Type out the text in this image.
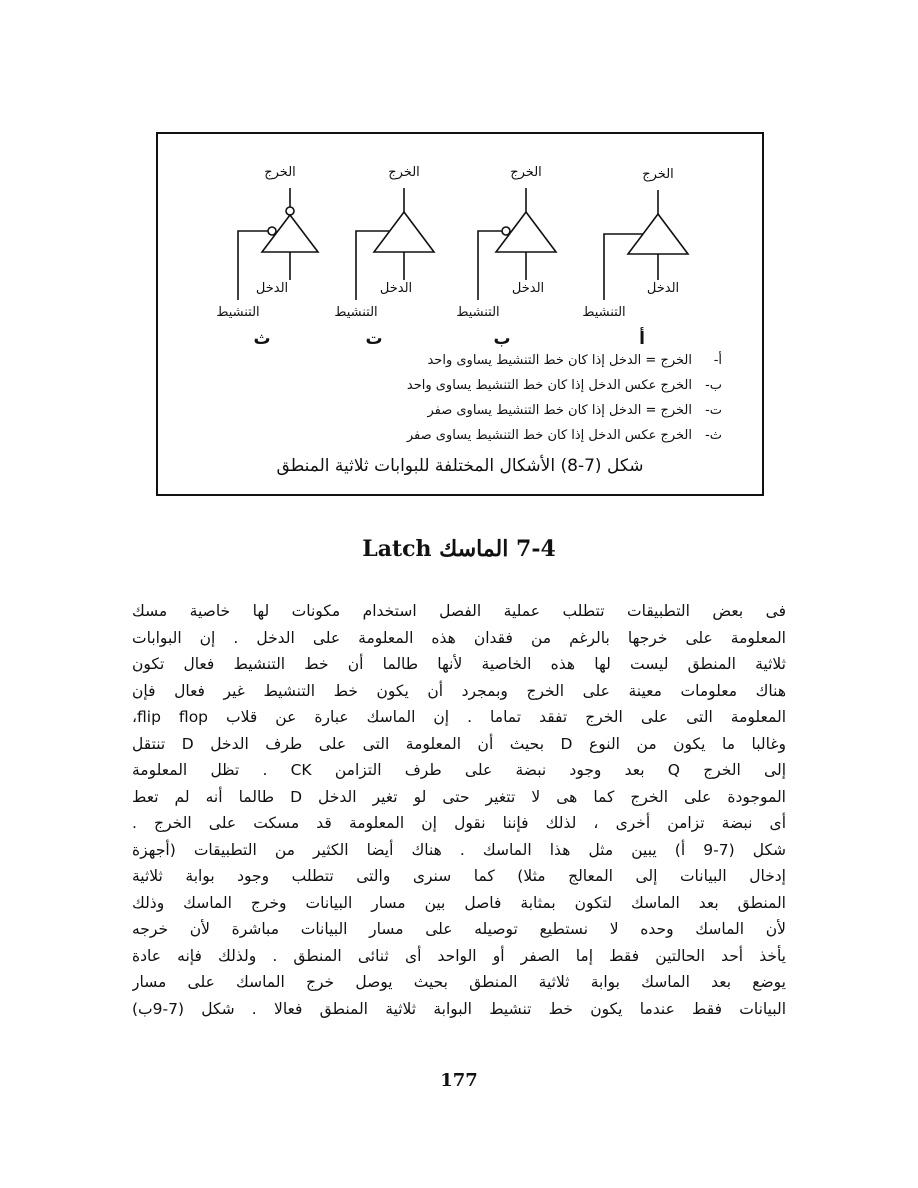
الخرج
الدخل
التنشيط
أ
الخرج
الدخل
التنشيط
ب
الخرج
الدخل
التنشيط
ت
الخرج
الدخل
التنشيط
ث
أ-
الخرج = الدخل إذا كان خط التنشيط يساوى واحد
ب-
الخرج عكس الدخل إذا كان خط التنشيط يساوى واحد
ت-
الخرج = الدخل إذا كان خط التنشيط يساوى صفر
ث-
الخرج عكس الدخل إذا كان خط التنشيط يساوى صفر
شكل (7-8) الأشكال المختلفة للبوابات ثلاثية المنطق
7-4 الماسك Latch
فى بعض التطبيقات تتطلب عملية الفصل استخدام مكونات لها خاصية مسك
المعلومة على خرجها بالرغم من فقدان هذه المعلومة على الدخل . إن البوابات
ثلاثية المنطق ليست لها هذه الخاصية لأنها طالما أن خط التنشيط فعال تكون
هناك معلومات معينة على الخرج وبمجرد أن يكون خط التنشيط غير فعال فإن
المعلومة التى على الخرج تفقد تماما . إن الماسك عبارة عن قلاب flip flop،
وغالبا ما يكون من النوع D بحيث أن المعلومة التى على طرف الدخل D تنتقل
إلى الخرج Q بعد وجود نبضة على طرف التزامن CK . تظل المعلومة
الموجودة على الخرج كما هى لا تتغير حتى لو تغير الدخل D طالما أنه لم تعط
أى نبضة تزامن أخرى ، لذلك فإننا نقول إن المعلومة قد مسكت على الخرج .
شكل (7-9 أ) يبين مثل هذا الماسك . هناك أيضا الكثير من التطبيقات (أجهزة
إدخال البيانات إلى المعالج مثلا) كما سنرى والتى تتطلب وجود بوابة ثلاثية
المنطق بعد الماسك لتكون بمثابة فاصل بين مسار البيانات وخرج الماسك وذلك
لأن الماسك وحده لا نستطيع توصيله على مسار البيانات مباشرة لأن خرجه
يأخذ أحد الحالتين فقط إما الصفر أو الواحد أى ثنائى المنطق . ولذلك فإنه عادة
يوضع بعد الماسك بوابة ثلاثية المنطق بحيث يوصل خرج الماسك على مسار
البيانات فقط عندما يكون خط تنشيط البوابة ثلاثية المنطق فعالا . شكل (7-9ب)
177
